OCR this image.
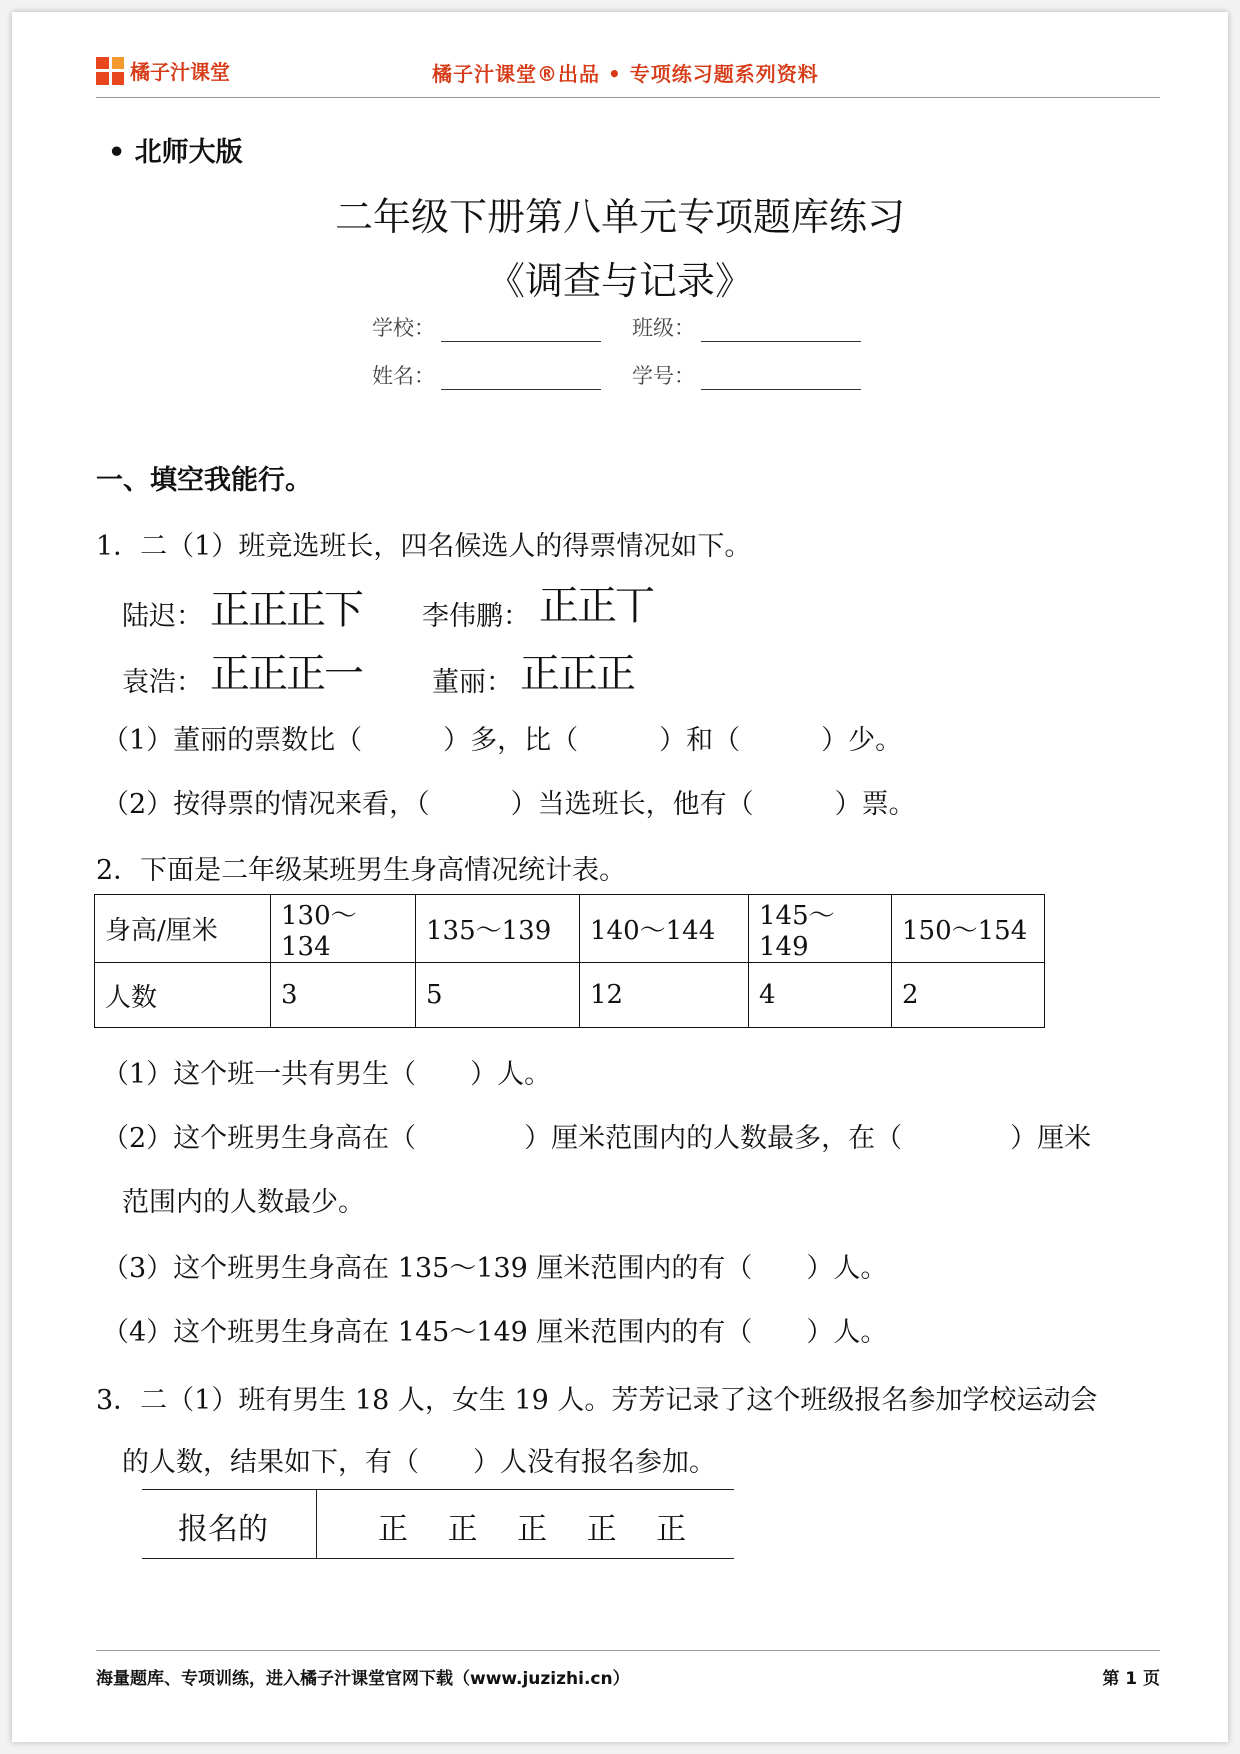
橘子汁课堂	橘子汁课堂®出品 • 专项练习题系列资料
• 北师大版
二年级下册第八单元专项题库练习
《调查与记录》
学校：	班级：
姓名：	学号：
一、填空我能行。
1．二（1）班竞选班长，四名候选人的得票情况如下。
陆迟： 正正正下 李伟鹏： 正正丅
袁浩： 正正正一	董丽： 正正正
（1）董丽的票数比（　　　）多，比（　　　）和（　　　）少。
（2）按得票的情况来看，（　　　）当选班长，他有（　　　）票。
2．下面是二年级某班男生身高情况统计表。
身高/厘米	130～134	135～139	140～144	145～149	150～154
人数	3	5	12	4	2
（1）这个班一共有男生（　　）人。
（2）这个班男生身高在（　　　　）厘米范围内的人数最多，在（　　　　）厘米
范围内的人数最少。
（3）这个班男生身高在 135～139 厘米范围内的有（　　）人。
（4）这个班男生身高在 145～149 厘米范围内的有（　　）人。
3．二（1）班有男生 18 人，女生 19 人。芳芳记录了这个班级报名参加学校运动会
的人数，结果如下，有（　　）人没有报名参加。
报名的	正 正 正 正 正
海量题库、专项训练，进入橘子汁课堂官网下载（www.juzizhi.cn）	第 1 页
